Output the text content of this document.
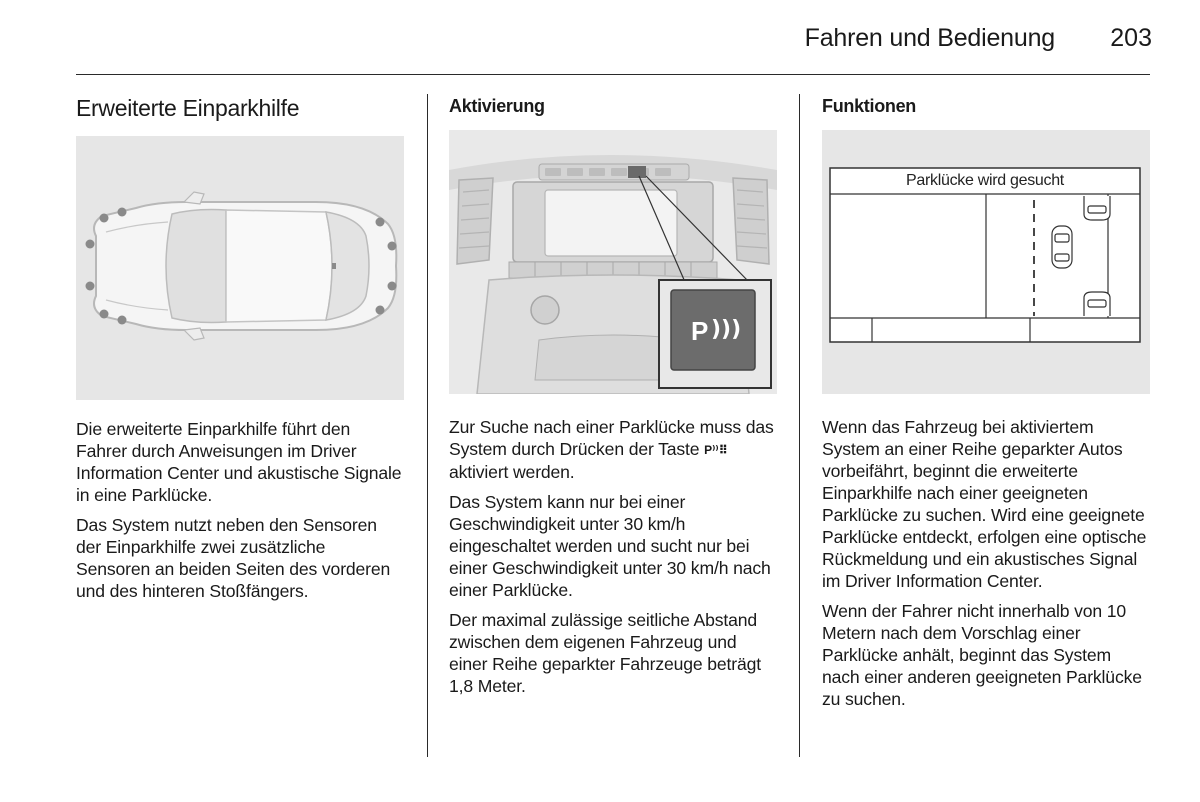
Fahren und Bedienung 203
Erweiterte Einparkhilfe

Die erweiterte Einparkhilfe führt den Fahrer durch Anweisungen im Driver Information Center und akustische Signale in eine Parklücke.

Das System nutzt neben den Sensoren der Einparkhilfe zwei zusätzliche Sensoren an beiden Seiten des vorderen und des hinteren Stoßfängers.

Aktivierung
P )))

Zur Suche nach einer Parklücke muss das System durch Drücken der Taste P⁾⁾⠿ aktiviert werden.

Das System kann nur bei einer Geschwindigkeit unter 30 km/h eingeschaltet werden und sucht nur bei einer Geschwindigkeit unter 30 km/h nach einer Parklücke.

Der maximal zulässige seitliche Abstand zwischen dem eigenen Fahrzeug und einer Reihe geparkter Fahrzeuge beträgt 1,8 Meter.

Funktionen
Parklücke wird gesucht

Wenn das Fahrzeug bei aktiviertem System an einer Reihe geparkter Autos vorbeifährt, beginnt die erweiterte Einparkhilfe nach einer geeigneten Parklücke zu suchen. Wird eine geeignete Parklücke entdeckt, erfolgen eine optische Rückmeldung und ein akustisches Signal im Driver Information Center.

Wenn der Fahrer nicht innerhalb von 10 Metern nach dem Vorschlag einer Parklücke anhält, beginnt das System nach einer anderen geeigneten Parklücke zu suchen.
